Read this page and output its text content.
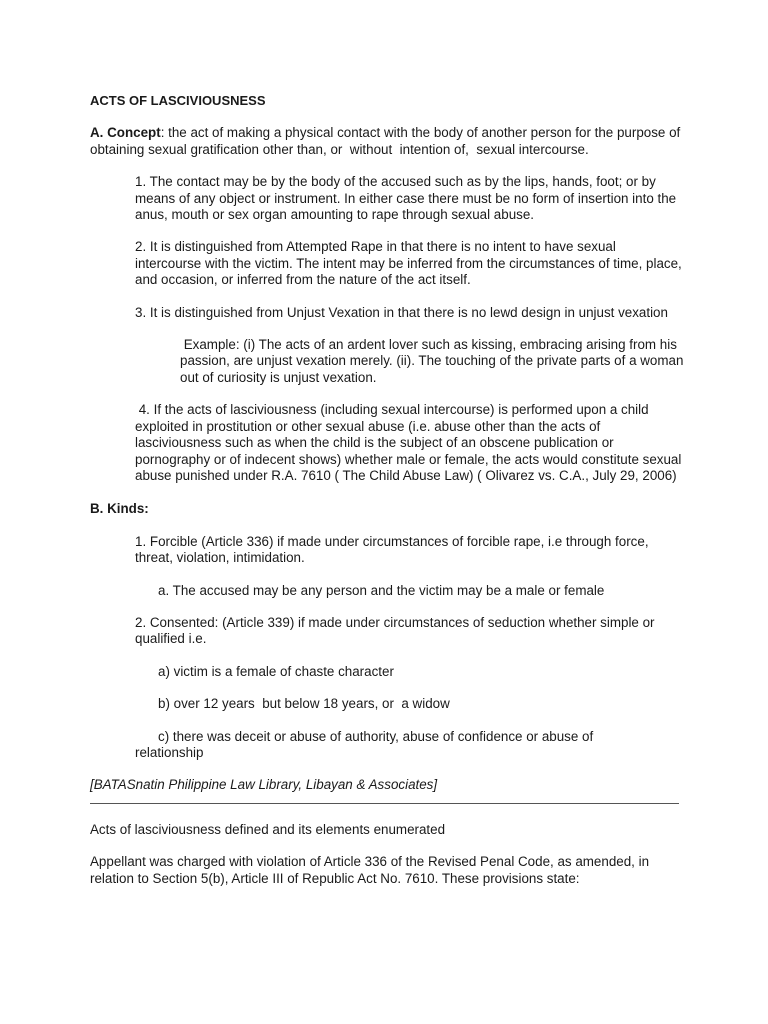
ACTS OF LASCIVIOUSNESS

A. Concept: the act of making a physical contact with the body of another person for the purpose of obtaining sexual gratification other than, or  without  intention of,  sexual intercourse.

1. The contact may be by the body of the accused such as by the lips, hands, foot; or by means of any object or instrument. In either case there must be no form of insertion into the anus, mouth or sex organ amounting to rape through sexual abuse.

2. It is distinguished from Attempted Rape in that there is no intent to have sexual intercourse with the victim. The intent may be inferred from the circumstances of time, place, and occasion, or inferred from the nature of the act itself.

3. It is distinguished from Unjust Vexation in that there is no lewd design in unjust vexation

Example: (i) The acts of an ardent lover such as kissing, embracing arising from his passion, are unjust vexation merely. (ii). The touching of the private parts of a woman out of curiosity is unjust vexation.

4. If the acts of lasciviousness (including sexual intercourse) is performed upon a child exploited in prostitution or other sexual abuse (i.e. abuse other than the acts of lasciviousness such as when the child is the subject of an obscene publication or pornography or of indecent shows) whether male or female, the acts would constitute sexual abuse punished under R.A. 7610 ( The Child Abuse Law) ( Olivarez vs. C.A., July 29, 2006)

B. Kinds:

1. Forcible (Article 336) if made under circumstances of forcible rape, i.e through force, threat, violation, intimidation.

a. The accused may be any person and the victim may be a male or female

2. Consented: (Article 339) if made under circumstances of seduction whether simple or qualified i.e.

a) victim is a female of chaste character

b) over 12 years  but below 18 years, or  a widow

c) there was deceit or abuse of authority, abuse of confidence or abuse of

relationship

[BATASnatin Philippine Law Library, Libayan & Associates]

Acts of lasciviousness defined and its elements enumerated

Appellant was charged with violation of Article 336 of the Revised Penal Code, as amended, in relation to Section 5(b), Article III of Republic Act No. 7610. These provisions state:
